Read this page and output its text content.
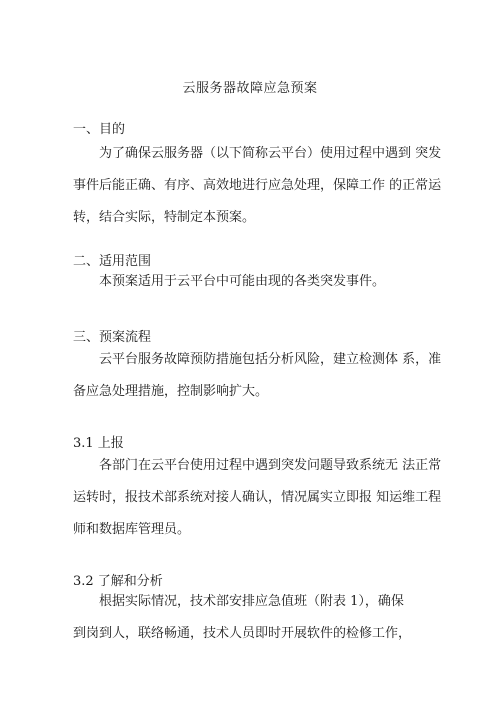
云服务器故障应急预案
一、目的
为了确保云服务器（以下简称云平台）使用过程中遇到 突发
事件后能正确、有序、高效地进行应急处理，保障工作 的正常运
转，结合实际，特制定本预案。
二、适用范围
本预案适用于云平台中可能由现的各类突发事件。
三、预案流程
云平台服务故障预防措施包括分析风险，建立检测体 系，准
备应急处理措施，控制影响扩大。
3.1 上报
各部门在云平台使用过程中遇到突发问题导致系统无 法正常
运转时，报技术部系统对接人确认，情况属实立即报 知运维工程
师和数据库管理员。
3.2 了解和分析
根据实际情况，技术部安排应急值班（附表 1），确保
到岗到人，联络畅通，技术人员即时开展软件的检修工作，
